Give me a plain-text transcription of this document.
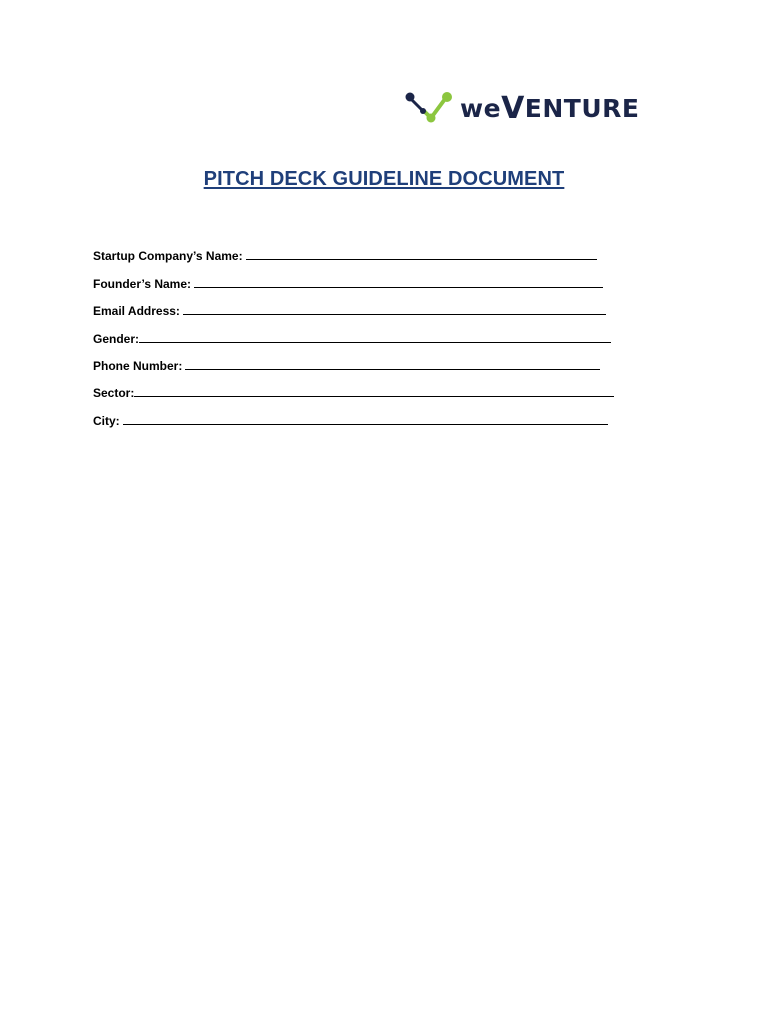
weVENTURE
PITCH DECK GUIDELINE DOCUMENT
Startup Company’s Name:
Founder’s Name:
Email Address:
Gender:
Phone Number:
Sector:
City:
